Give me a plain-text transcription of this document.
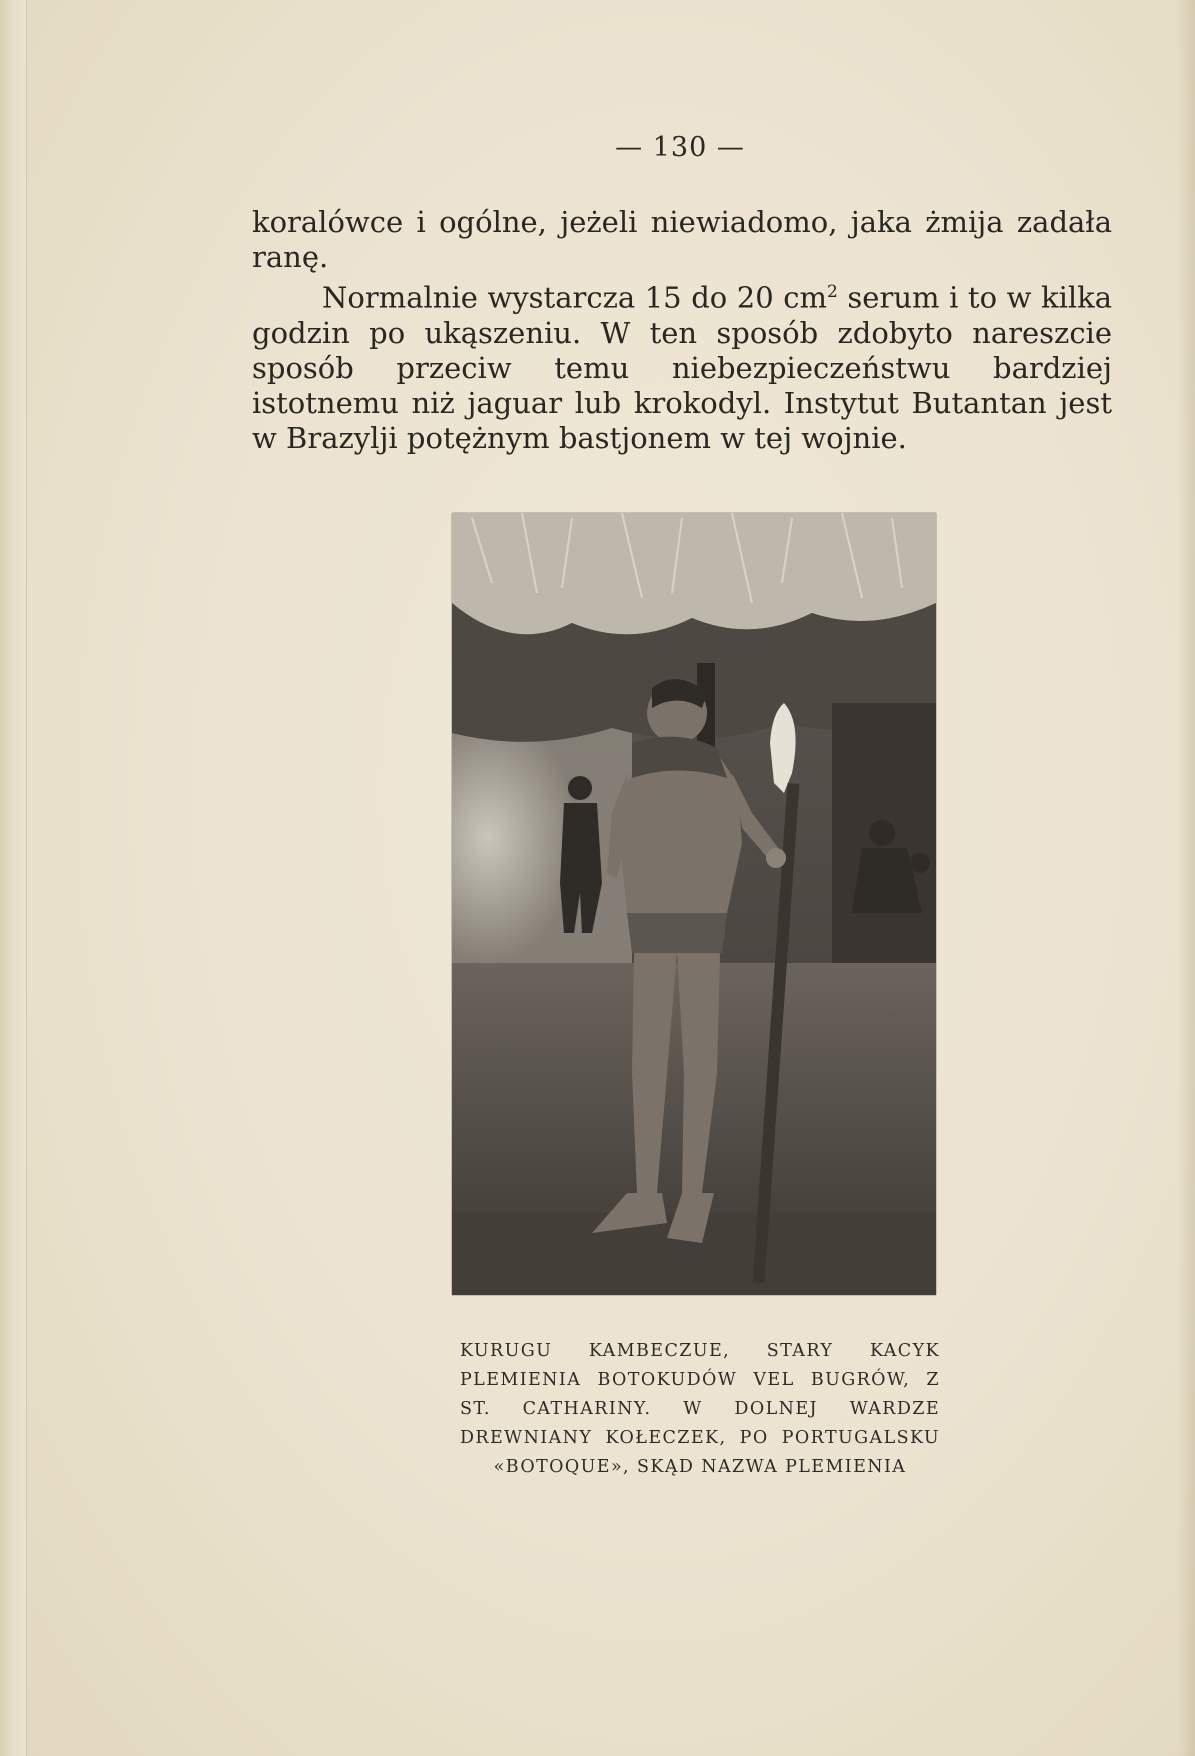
— 130 —

koralówce i ogólne, jeżeli niewiadomo, jaka żmija zadała ranę.

Normalnie wystarcza 15 do 20 $cm^2$ serum i to w kilka godzin po ukąszeniu. W ten sposób zdobyto nareszcie sposób przeciw temu niebezpieczeństwu bardziej istotnemu niż jaguar lub krokodyl. Instytut Butantan jest w Brazylji potężnym bastjonem w tej wojnie.

KURUGU KAMBECZUE, STARY KACYK PLEMIENIA BOTOKUDÓW VEL BUGRÓW, Z ST. CATHARINY. W DOLNEJ WARDZE DREWNIANY KOŁECZEK, PO PORTUGALSKU «BOTOQUE», SKĄD NAZWA PLEMIENIA
